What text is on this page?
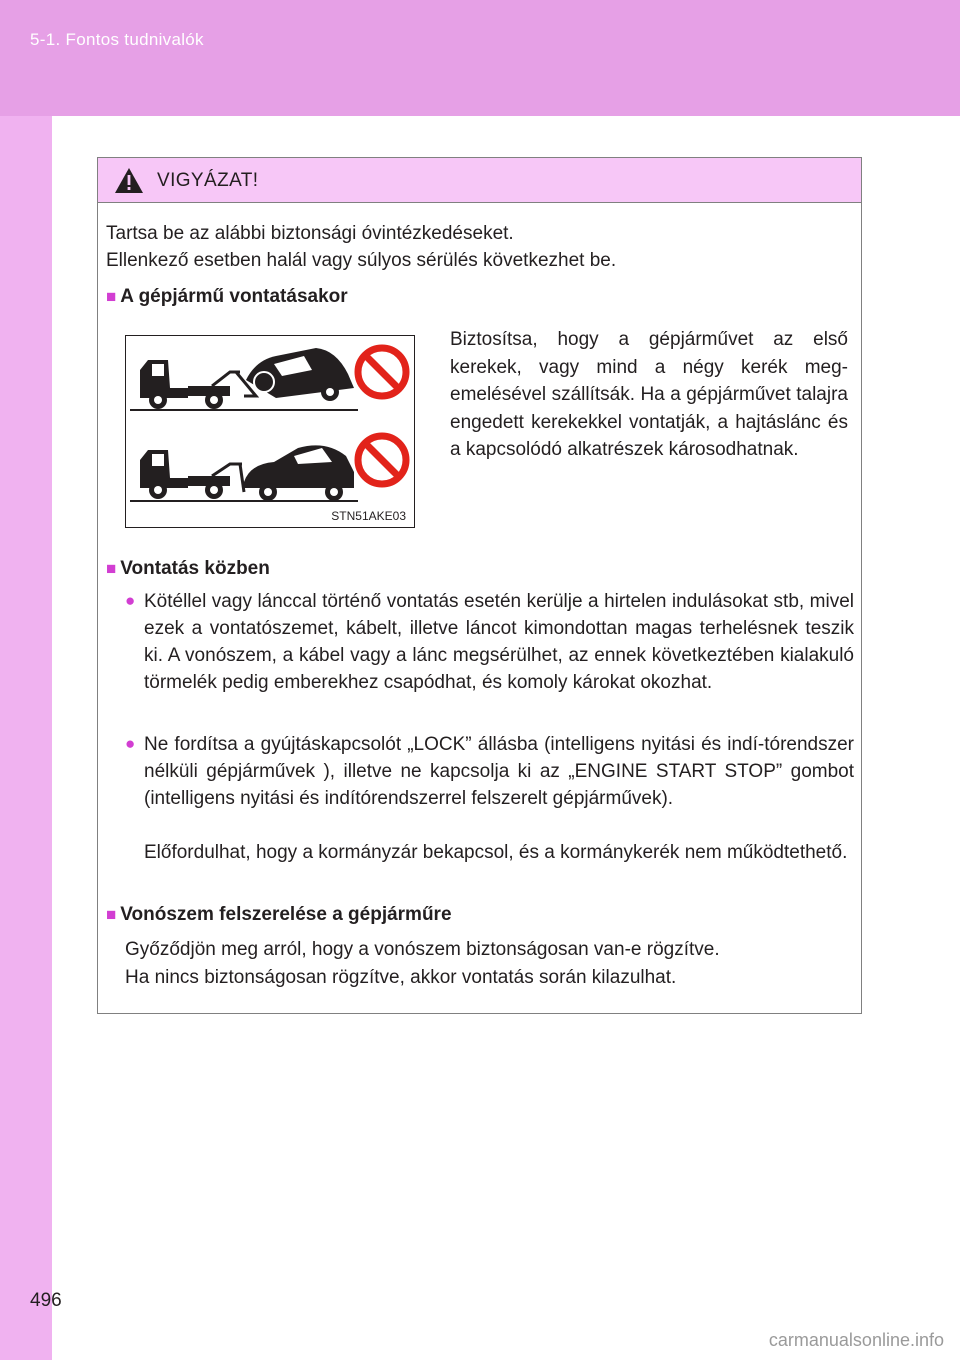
5-1. Fontos tudnivalók
VIGYÁZAT!
Tartsa be az alábbi biztonsági óvintézkedéseket.
Ellenkező esetben halál vagy súlyos sérülés következhet be.
■ A gépjármű vontatásakor
STN51AKE03
Biztosítsa, hogy a gépjárművet az első kerekek, vagy mind a négy kerék meg-emelésével szállítsák. Ha a gépjárművet talajra engedett kerekekkel vontatják, a hajtáslánc és a kapcsolódó alkatrészek károsodhatnak.
■ Vontatás közben
● Kötéllel vagy lánccal történő vontatás esetén kerülje a hirtelen indulásokat stb, mivel ezek a vontatószemet, kábelt, illetve láncot kimondottan magas terhelésnek teszik ki. A vonószem, a kábel vagy a lánc megsérülhet, az ennek következtében kialakuló törmelék pedig emberekhez csapódhat, és komoly károkat okozhat.
● Ne fordítsa a gyújtáskapcsolót „LOCK” állásba (intelligens nyitási és indí-tórendszer nélküli gépjárművek ), illetve ne kapcsolja ki az „ENGINE START STOP” gombot (intelligens nyitási és indítórendszerrel felszerelt gépjárművek).
Előfordulhat, hogy a kormányzár bekapcsol, és a kormánykerék nem működtethető.
■ Vonószem felszerelése a gépjárműre
Győződjön meg arról, hogy a vonószem biztonságosan van-e rögzítve.
Ha nincs biztonságosan rögzítve, akkor vontatás során kilazulhat.
496
carmanualsonline.info
